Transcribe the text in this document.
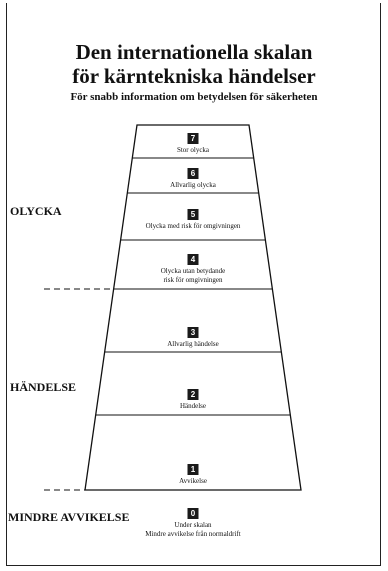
Den internationella skalan
för kärntekniska händelser
För snabb information om betydelsen för säkerheten
OLYCKA
HÄNDELSE
MINDRE AVVIKELSE
7
Stor olycka
6
Allvarlig olycka
5
Olycka med risk för omgivningen
4
Olycka utan betydande
risk för omgivningen
3
Allvarlig händelse
2
Händelse
1
Avvikelse
0
Under skalan
Mindre avvikelse från normaldrift
